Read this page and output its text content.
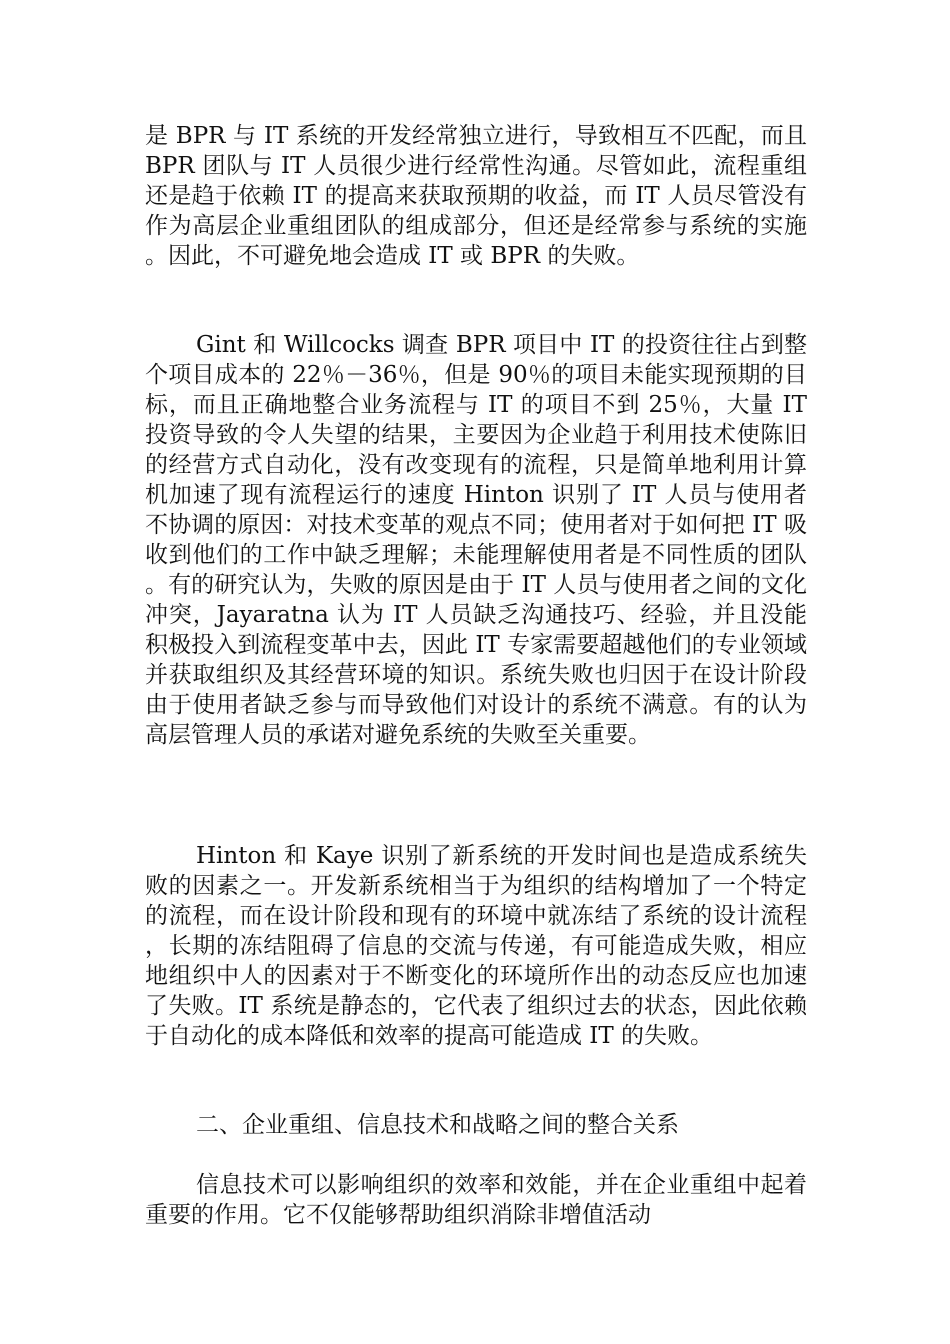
是 BPR 与 IT 系统的开发经常独立进行，导致相互不匹配，而且 BPR 团队与 IT 人员很少进行经常性沟通。尽管如此，流程重组还是趋于依赖 IT 的提高来获取预期的收益，而 IT 人员尽管没有作为高层企业重组团队的组成部分，但还是经常参与系统的实施。因此，不可避免地会造成 IT 或 BPR 的失败。

Gint 和 Willcocks 调查 BPR 项目中 IT 的投资往往占到整个项目成本的 22％－36％，但是 90％的项目未能实现预期的目标，而且正确地整合业务流程与 IT 的项目不到 25％，大量 IT 投资导致的令人失望的结果，主要因为企业趋于利用技术使陈旧的经营方式自动化，没有改变现有的流程，只是简单地利用计算机加速了现有流程运行的速度 Hinton 识别了 IT 人员与使用者不协调的原因：对技术变革的观点不同；使用者对于如何把 IT 吸收到他们的工作中缺乏理解；未能理解使用者是不同性质的团队。有的研究认为，失败的原因是由于 IT 人员与使用者之间的文化冲突，Jayaratna 认为 IT 人员缺乏沟通技巧、经验，并且没能积极投入到流程变革中去，因此 IT 专家需要超越他们的专业领域并获取组织及其经营环境的知识。系统失败也归因于在设计阶段由于使用者缺乏参与而导致他们对设计的系统不满意。有的认为高层管理人员的承诺对避免系统的失败至关重要。

Hinton 和 Kaye 识别了新系统的开发时间也是造成系统失败的因素之一。开发新系统相当于为组织的结构增加了一个特定的流程，而在设计阶段和现有的环境中就冻结了系统的设计流程，长期的冻结阻碍了信息的交流与传递，有可能造成失败，相应地组织中人的因素对于不断变化的环境所作出的动态反应也加速了失败。IT 系统是静态的，它代表了组织过去的状态，因此依赖于自动化的成本降低和效率的提高可能造成 IT 的失败。

二、企业重组、信息技术和战略之间的整合关系

信息技术可以影响组织的效率和效能，并在企业重组中起着重要的作用。它不仅能够帮助组织消除非增值活动
